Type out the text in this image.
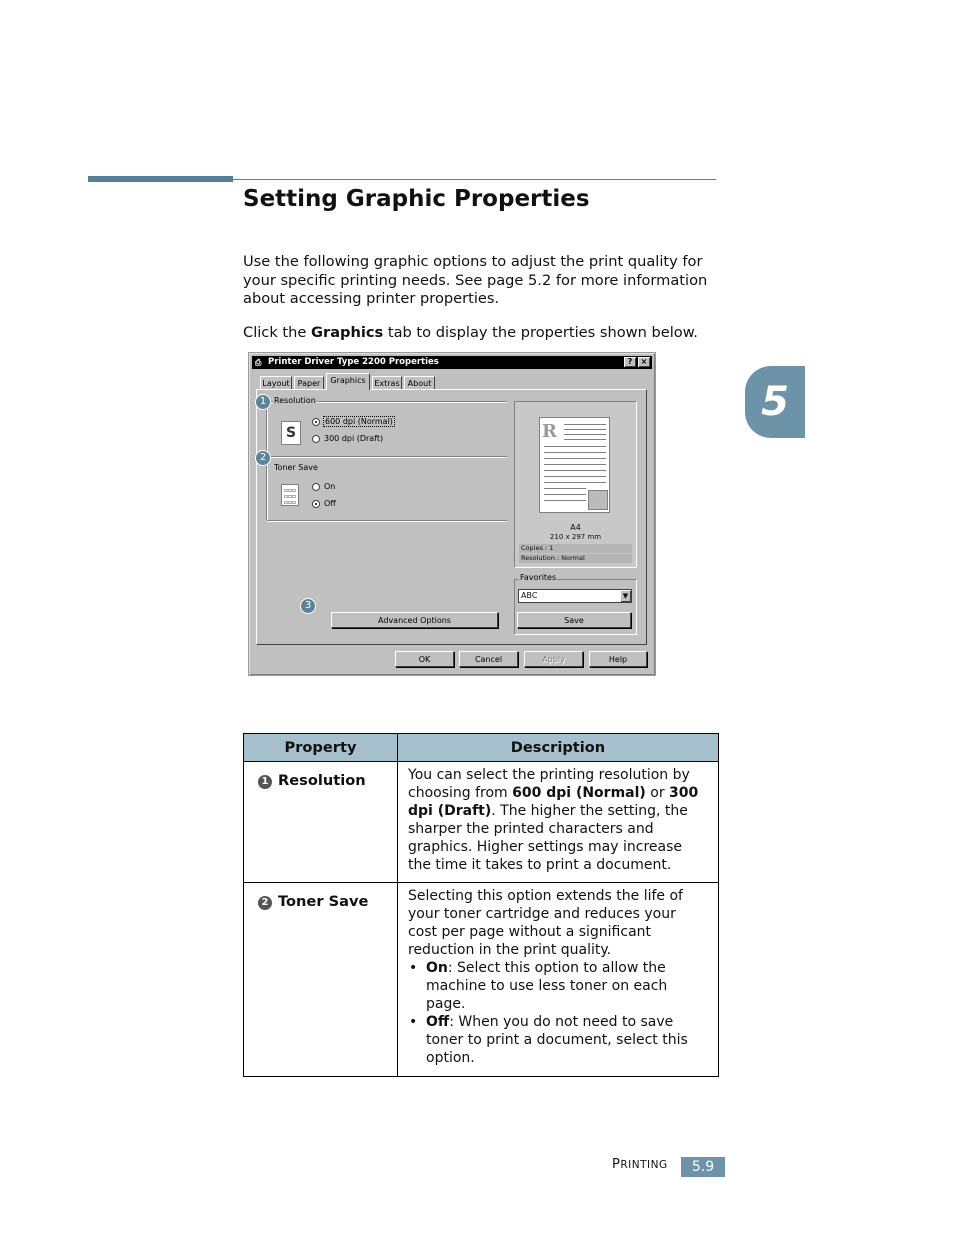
Setting Graphic Properties
Use the following graphic options to adjust the print quality for your specific printing needs. See page 5.2 for more information about accessing printer properties.
Click the Graphics tab to display the properties shown below.
5
⎙ Printer Driver Type 2200 Properties	?	×
Layout	Paper	Graphics	Extras	About
Resolution
S
600 dpi (Normal)
300 dpi (Draft)
Toner Save
▫▫▫
▫▫▫
▫▫▫
On
Off
R
A4
210 x 297 mm
Copies : 1
Resolution : Normal
Favorites
ABC	▼
Advanced Options	Save
OK	Cancel	Apply	Help
1
2
3
Property	Description
1 Resolution	You can select the printing resolution by choosing from 600 dpi (Normal) or 300 dpi (Draft). The higher the setting, the sharper the printed characters and graphics. Higher settings may increase the time it takes to print a document.
2 Toner Save	Selecting this option extends the life of your toner cartridge and reduces your cost per page without a significant reduction in the print quality.
• On: Select this option to allow the machine to use less toner on each page.
• Off: When you do not need to save toner to print a document, select this option.
PRINTING	5.9
